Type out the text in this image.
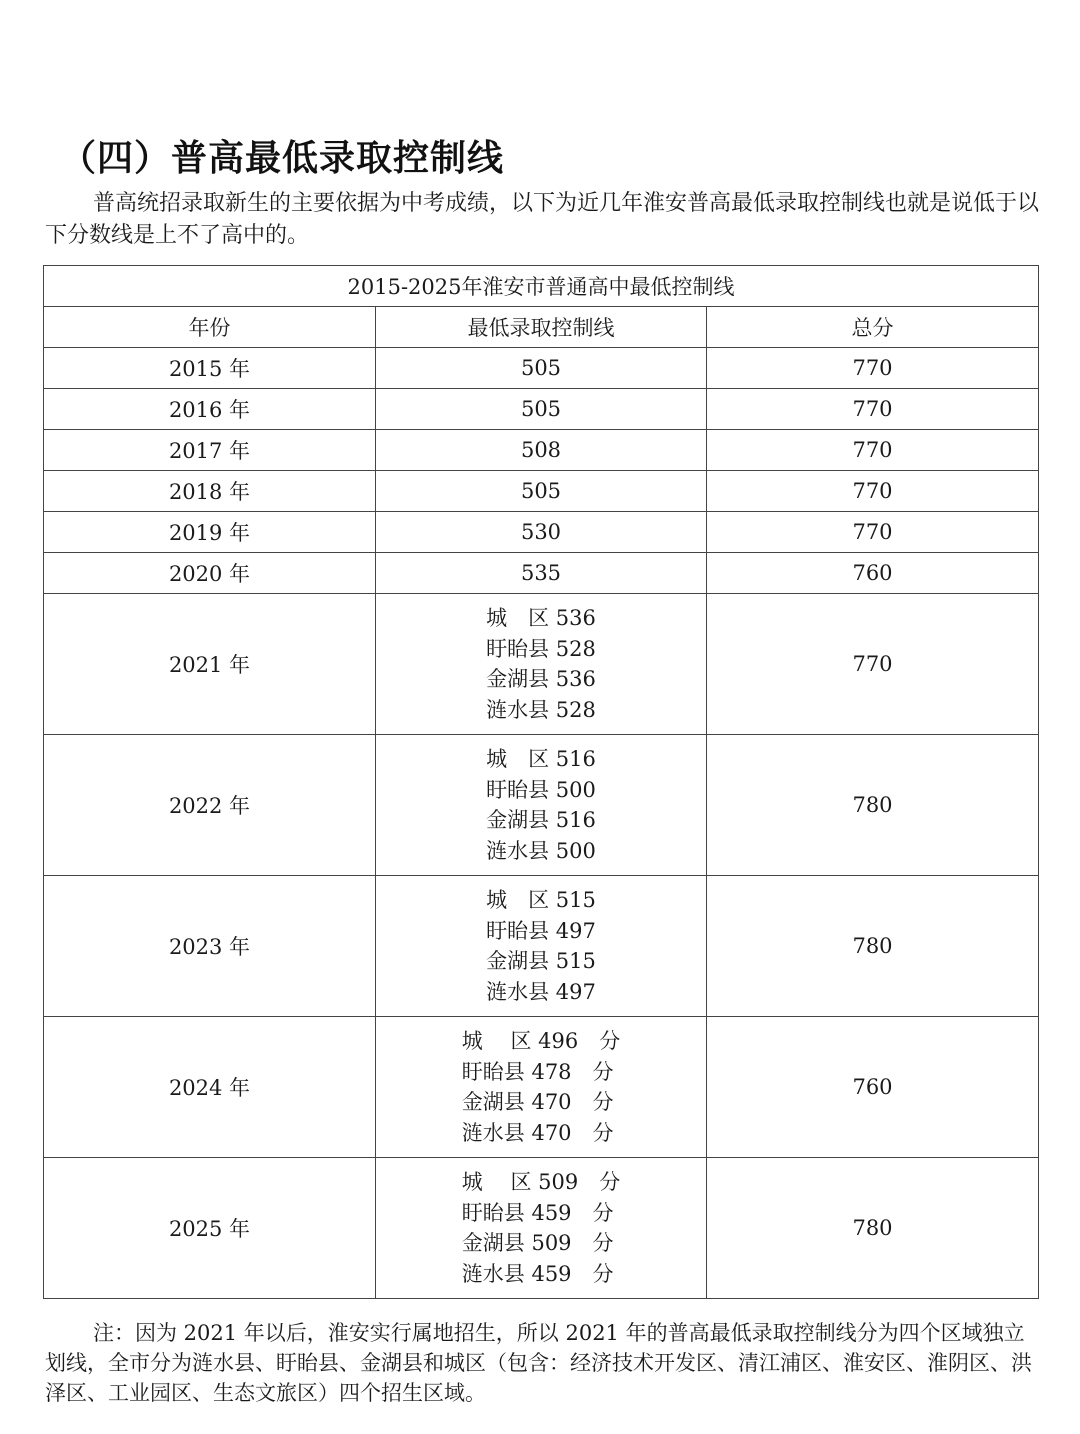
（四）普高最低录取控制线

普高统招录取新生的主要依据为中考成绩，以下为近几年淮安普高最低录取控制线也就是说低于以下分数线是上不了高中的。

2015-2025年淮安市普通高中最低控制线		
年份	最低录取控制线	总分
2015 年	505	770
2016 年	505	770
2017 年	508	770
2018 年	505	770
2019 年	530	770
2020 年	535	760
2021 年	城　区 536
盱眙县 528
金湖县 536
涟水县 528	770
2022 年	城　区 516
盱眙县 500
金湖县 516
涟水县 500	780
2023 年	城　区 515
盱眙县 497
金湖县 515
涟水县 497	780
2024 年	城　 区 496　分
盱眙县 478　分
金湖县 470　分
涟水县 470　分	760
2025 年	城　 区 509　分
盱眙县 459　分
金湖县 509　分
涟水县 459　分	780

注：因为 2021 年以后，淮安实行属地招生，所以 2021 年的普高最低录取控制线分为四个区域独立划线，全市分为涟水县、盱眙县、金湖县和城区（包含：经济技术开发区、清江浦区、淮安区、淮阴区、洪泽区、工业园区、生态文旅区）四个招生区域。
